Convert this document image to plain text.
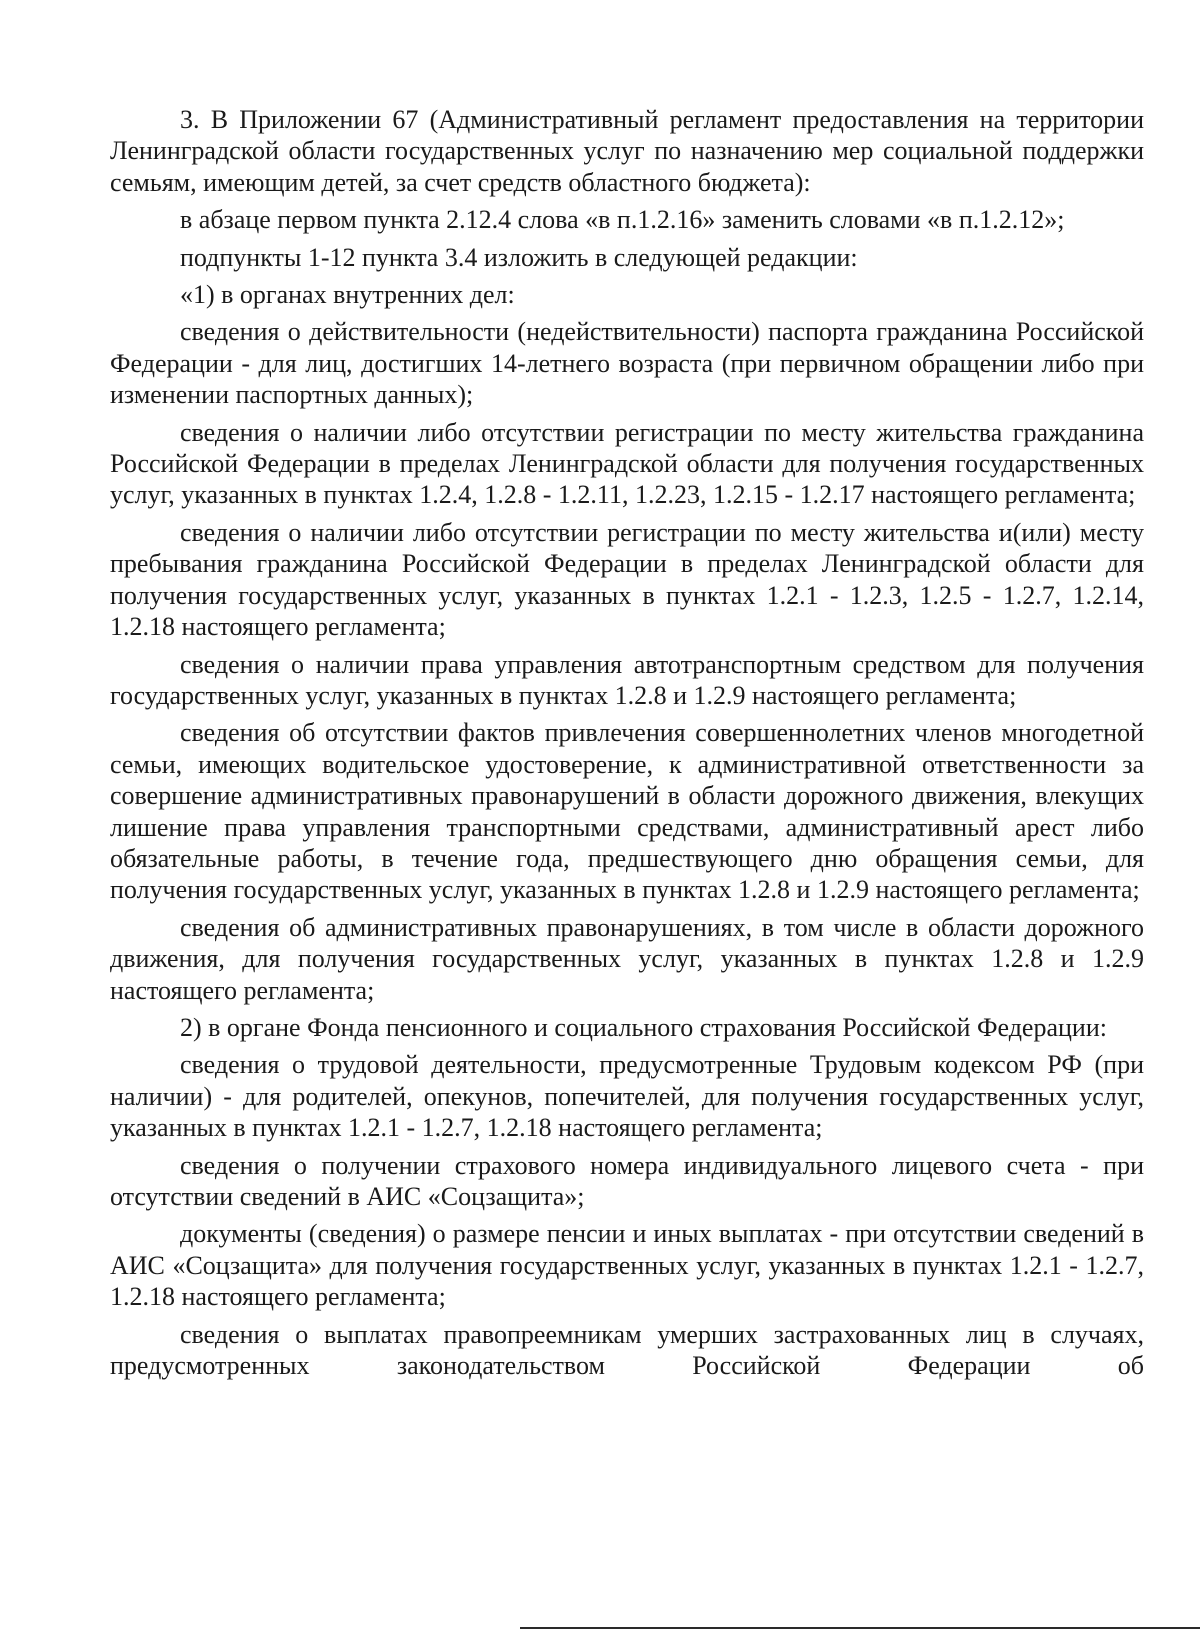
3. В Приложении 67 (Административный регламент предоставления на территории Ленинградской области государственных услуг по назначению мер социальной поддержки семьям, имеющим детей, за счет средств областного бюджета):

в абзаце первом пункта 2.12.4 слова «в п.1.2.16» заменить словами «в п.1.2.12»;

подпункты 1-12 пункта 3.4 изложить в следующей редакции:

«1) в органах внутренних дел:

сведения о действительности (недействительности) паспорта гражданина Российской Федерации - для лиц, достигших 14-летнего возраста (при первичном обращении либо при изменении паспортных данных);

сведения о наличии либо отсутствии регистрации по месту жительства гражданина Российской Федерации в пределах Ленинградской области для получения государственных услуг, указанных в пунктах 1.2.4, 1.2.8 - 1.2.11, 1.2.23, 1.2.15 - 1.2.17 настоящего регламента;

сведения о наличии либо отсутствии регистрации по месту жительства и(или) месту пребывания гражданина Российской Федерации в пределах Ленинградской области для получения государственных услуг, указанных в пунктах 1.2.1 - 1.2.3, 1.2.5 - 1.2.7, 1.2.14, 1.2.18 настоящего регламента;

сведения о наличии права управления автотранспортным средством для получения государственных услуг, указанных в пунктах 1.2.8 и 1.2.9 настоящего регламента;

сведения об отсутствии фактов привлечения совершеннолетних членов многодетной семьи, имеющих водительское удостоверение, к административной ответственности за совершение административных правонарушений в области дорожного движения, влекущих лишение права управления транспортными средствами, административный арест либо обязательные работы, в течение года, предшествующего дню обращения семьи, для получения государственных услуг, указанных в пунктах 1.2.8 и 1.2.9 настоящего регламента;

сведения об административных правонарушениях, в том числе в области дорожного движения, для получения государственных услуг, указанных в пунктах 1.2.8 и 1.2.9 настоящего регламента;

2) в органе Фонда пенсионного и социального страхования Российской Федерации:

сведения о трудовой деятельности, предусмотренные Трудовым кодексом РФ (при наличии) - для родителей, опекунов, попечителей, для получения государственных услуг, указанных в пунктах 1.2.1 - 1.2.7, 1.2.18 настоящего регламента;

сведения о получении страхового номера индивидуального лицевого счета - при отсутствии сведений в АИС «Соцзащита»;

документы (сведения) о размере пенсии и иных выплатах - при отсутствии сведений в АИС «Соцзащита» для получения государственных услуг, указанных в пунктах 1.2.1 - 1.2.7, 1.2.18 настоящего регламента;

сведения о выплатах правопреемникам умерших застрахованных лиц в случаях, предусмотренных законодательством Российской Федерации об
